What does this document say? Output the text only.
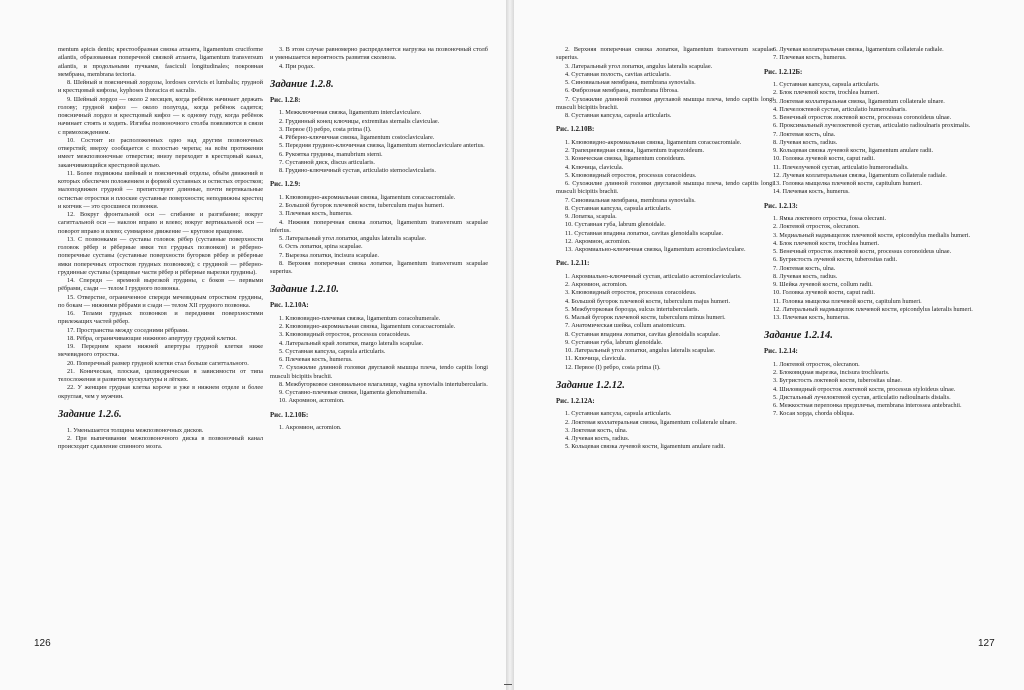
mentum apicis dentis; крестообразная связка атланта, ligamentum cruciforme atlantis, образованная поперечной связкой атланта, ligamentum transversum atlantis, и продольными пучками, fasciculi longitudinales; покровная мембрана, membrana tectoria.

8. Шейный и поясничный лордозы, lordoses cervicis et lumbalis; грудной и крестцовый кифозы, kyphoses thoracica et sacralis.

9. Шейный лордоз — около 2 месяцев, когда ребёнок начинает держать голову; грудной кифоз — около полугода, когда ребёнок садится; поясничный лордоз и крестцовый кифоз — к одному году, когда ребёнок начинает стоять и ходить. Изгибы позвоночного столба появляются в связи с прямохождением.

10. Состоит из расположенных одно над другим позвоночных отверстий; вверху сообщается с полостью черепа; на всём протяжении имеет межпозвоночные отверстия; внизу переходит в крестцовый канал, заканчивающийся крестцовой щелью.

11. Более подвижны шейный и поясничный отделы, объём движений в которых обеспечен положением и формой суставных и остистых отростков; малоподвижен грудной — препятствуют длинные, почти вертикальные остистые отростки и плоские суставные поверхности; неподвижны крестец и копчик — это сросшиеся позвонки.

12. Вокруг фронтальной оси — сгибание и разгибание; вокруг сагиттальной оси — наклон вправо и влево; вокруг вертикальной оси — поворот вправо и влево; суммарное движение — круговое вращение.

13. С позвонками — суставы головок рёбер (суставные поверхности головок рёбер и рёберные ямки тел грудных позвонков) и рёберно-поперечные суставы (суставные поверхности бугорков рёбер и рёберные ямки поперечных отростков грудных позвонков); с грудиной — рёберно-грудинные суставы (хрящевые части рёбер и рёберные вырезки грудины).

14. Спереди — яремной вырезкой грудины, с боков — первыми рёбрами, сзади — телом I грудного позвонка.

15. Отверстие, ограниченное спереди мечевидным отростком грудины, по бокам — нижними рёбрами и сзади — телом XII грудного позвонка.

16. Телами грудных позвонков и передними поверхностями прилежащих частей рёбер.

17. Пространства между соседними рёбрами.

18. Рёбра, ограничивающие нижнюю апертуру грудной клетки.

19. Передним краем нижней апертуры грудной клетки ниже мечевидного отростка.

20. Поперечный размер грудной клетки стал больше сагиттального.

21. Коническая, плоская, цилиндрическая в зависимости от типа телосложения и развития мускулатуры и лёгких.

22. У женщин грудная клетка короче и уже в нижнем отделе и более округлая, чем у мужчин.

Задание 1.2.6.

1. Уменьшается толщина межпозвоночных дисков.

2. При выпячивании межпозвоночного диска в позвоночный канал происходит сдавление спинного мозга.

3. В этом случае равномерно распределяется нагрузка на позвоночный столб и уменьшается вероятность развития сколиоза.

4. При родах.

Задание 1.2.8.
Рис. 1.2.8:

1. Межключичная связка, ligamentum interclaviculare.

2. Грудинный конец ключицы, extremitas sternalis claviculae.

3. Первое (I) ребро, costa prima (I).

4. Рёберно-ключичная связка, ligamentum costoclaviculare.

5. Передняя грудино-ключичная связка, ligamentum sternoclaviculare anterius.

6. Рукоятка грудины, manubrium sterni.

7. Суставной диск, discus articularis.

8. Грудино-ключичный сустав, articulatio sternoclavicularis.

Рис. 1.2.9:

1. Клювовидно-акромиальная связка, ligamentum coracoacromiale.

2. Большой бугорок плечевой кости, tuberculum majus humeri.

3. Плечевая кость, humerus.

4. Нижняя поперечная связка лопатки, ligamentum transversum scapulae inferius.

5. Латеральный угол лопатки, angulus lateralis scapulae.

6. Ость лопатки, spina scapulae.

7. Вырезка лопатки, incisura scapulae.

8. Верхняя поперечная связка лопатки, ligamentum transversum scapulae superius.

Задание 1.2.10.
Рис. 1.2.10А:

1. Клювовидно-плечевая связка, ligamentum coracohumerale.

2. Клювовидно-акромиальная связка, ligamentum coracoacromiale.

3. Клювовидный отросток, processus coracoideus.

4. Латеральный край лопатки, margo lateralis scapulae.

5. Суставная капсула, capsula articularis.

6. Плечевая кость, humerus.

7. Сухожилие длинной головки двуглавой мышцы плеча, tendo capitis longi musculi bicipitis brachii.

8. Межбугорковое синовиальное влагалище, vagina synovialis intertubercularis.

9. Суставно-плечевые связки, ligamenta glenohumeralia.

10. Акромион, acromion.

Рис. 1.2.10Б:

1. Акромион, acromion.

126

2. Верхняя поперечная связка лопатки, ligamentum transversum scapulae superius.

3. Латеральный угол лопатки, angulus lateralis scapulae.

4. Суставная полость, cavitas articularis.

5. Синовиальная мембрана, membrana synovialis.

6. Фиброзная мембрана, membrana fibrosa.

7. Сухожилие длинной головки двуглавой мышцы плеча, tendo capitis longi musculi bicipitis brachii.

8. Суставная капсула, capsula articularis.

Рис. 1.2.10В:

1. Клювовидно-акромиальная связка, ligamentum coracoacromiale.

2. Трапециевидная связка, ligamentum trapezoideum.

3. Коническая связка, ligamentum conoideum.

4. Ключица, clavicula.

5. Клювовидный отросток, processus coracoideus.

6. Сухожилие длинной головки двуглавой мышцы плеча, tendo capitis longi musculi bicipitis brachii.

7. Синовиальная мембрана, membrana synovialis.

8. Суставная капсула, capsula articularis.

9. Лопатка, scapula.

10. Суставная губа, labrum glenoidale.

11. Суставная впадина лопатки, cavitas glenoidalis scapulae.

12. Акромион, acromion.

13. Акромиально-ключичная связка, ligamentum acromioclaviculare.

Рис. 1.2.11:

1. Акромиально-ключичный сустав, articulatio acromioclavicularis.

2. Акромион, acromion.

3. Клювовидный отросток, processus coracoideus.

4. Большой бугорок плечевой кости, tuberculum majus humeri.

5. Межбугорковая борозда, sulcus intertubercularis.

6. Малый бугорок плечевой кости, tuberculum minus humeri.

7. Анатомическая шейка, collum anatomicum.

8. Суставная впадина лопатки, cavitas glenoidalis scapulae.

9. Суставная губа, labrum glenoidale.

10. Латеральный угол лопатки, angulus lateralis scapulae.

11. Ключица, clavicula.

12. Первое (I) ребро, costa prima (I).

Задание 1.2.12.
Рис. 1.2.12А:

1. Суставная капсула, capsula articularis.

2. Локтевая коллатеральная связка, ligamentum collaterale ulnare.

3. Локтевая кость, ulna.

4. Лучевая кость, radius.

5. Кольцевая связка лучевой кости, ligamentum anulare radii.

6. Лучевая коллатеральная связка, ligamentum collaterale radiale.

7. Плечевая кость, humerus.

Рис. 1.2.12Б:

1. Суставная капсула, capsula articularis.

2. Блок плечевой кости, trochlea humeri.

3. Локтевая коллатеральная связка, ligamentum collaterale ulnare.

4. Плечелоктевой сустав, articulatio humeroulnaris.

5. Венечный отросток локтевой кости, processus coronoideus ulnae.

6. Проксимальный лучелоктевой сустав, articulatio radioulnaris proximalis.

7. Локтевая кость, ulna.

8. Лучевая кость, radius.

9. Кольцевая связка лучевой кости, ligamentum anulare radii.

10. Головка лучевой кости, caput radii.

11. Плечелучевой сустав, articulatio humeroradialis.

12. Лучевая коллатеральная связка, ligamentum collaterale radiale.

13. Головка мыщелка плечевой кости, capitulum humeri.

14. Плечевая кость, humerus.

Рис. 1.2.13:

1. Ямка локтевого отростка, fossa olecrani.

2. Локтевой отросток, olecranon.

3. Медиальный надмыщелок плечевой кости, epicondylus medialis humeri.

4. Блок плечевой кости, trochlea humeri.

5. Венечный отросток локтевой кости, processus coronoideus ulnae.

6. Бугристость лучевой кости, tuberositas radii.

7. Локтевая кость, ulna.

8. Лучевая кость, radius.

9. Шейка лучевой кости, collum radii.

10. Головка лучевой кости, caput radii.

11. Головка мыщелка плечевой кости, capitulum humeri.

12. Латеральный надмыщелок плечевой кости, epicondylus lateralis humeri.

13. Плечевая кость, humerus.

Задание 1.2.14.
Рис. 1.2.14:

1. Локтевой отросток, olecranon.

2. Блоковидная вырезка, incisura trochlearis.

3. Бугристость локтевой кости, tuberositas ulnae.

4. Шиловидный отросток локтевой кости, processus styloideus ulnae.

5. Дистальный лучелоктевой сустав, articulatio radioulnaris distalis.

6. Межкостная перепонка предплечья, membrana interossea antebrachii.

7. Косая хорда, chorda obliqua.

127
